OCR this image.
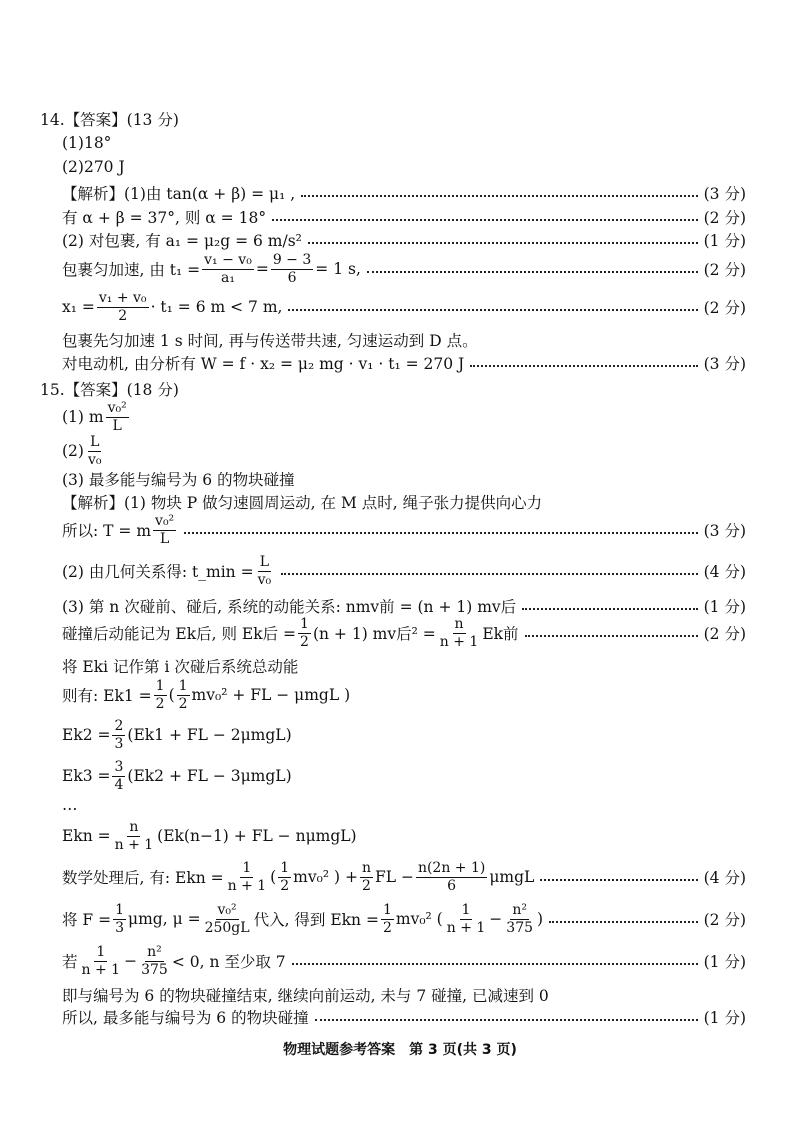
14.【答案】(13 分)
(1)18°
(2)270 J
【解析】(1)由 tan(α + β) = μ₁ ,	(3 分)
有 α + β = 37°, 则 α = 18°	(2 分)
(2) 对包裹, 有 a₁ = μ₂g = 6 m/s²	(1 分)
包裹匀加速, 由 $t_1 = \frac{\text{v₁ − v₀}}{\text{a₁}} = \frac{9 - 3}{6} = 1$ s,	(2 分)
$x_1 = \frac{\text{v₁ + v₀}}{2} \cdot t_1 = 6$ m < 7 m,	(2 分)
包裹先匀加速 1 s 时间, 再与传送带共速, 匀速运动到 D 点。
对电动机, 由分析有 W = f · x₂ = μ₂ mg · v₁ · t₁ = 270 J	(3 分)
15.【答案】(18 分)
(1) m $\frac{\text{v₀²}}{L}$
$(2) \frac{L}{\text{v₀}}$
(3) 最多能与编号为 6 的物块碰撞
【解析】(1) 物块 P 做匀速圆周运动, 在 M 点时, 绳子张力提供向心力
所以: T = m $\frac{\text{v₀²}}{L}$	(3 分)
(2) 由几何关系得: t_min = $\frac{L}{\text{v₀}}$	(4 分)
(3) 第 n 次碰前、碰后, 系统的动能关系: nmv前 = (n + 1) mv后	(1 分)
碰撞后动能记为 Ek后, 则 Ek后 = $\frac{1}{2} (n + 1)$ mv后$^2 = \frac{n}{n + 1}$ Ek前	(2 分)
将 Eki 记作第 i 次碰后系统总动能
则有: $Ek1 = \frac{1}{2}$ ( $\frac{1}{2} mv_0^2$ + FL − μmgL )
$Ek2 = \frac{2}{3} (Ek1$ + FL − 2μmgL)
$Ek3 = \frac{3}{4} (Ek2$ + FL − 3μmgL)
…
Ekn = $\frac{n}{n + 1} (Ek(n-1)$ + FL − nμmgL)
数学处理后, 有: Ekn = $\frac{1}{n + 1}$ ( $\frac{1}{2} mv_0^2$ ) + $\frac{n}{2}$ FL − $\frac{n(2n + 1)}{6}$ μmgL	(4 分)
将 $F = \frac{1}{3} \mu mg$, $\mu = \frac{\text{v₀²}}{250gL}$ 代入, 得到 Ekn = $\frac{1}{2} mv_0^2$ ( $\frac{1}{n + 1} - \frac{\text{n²}}{375}$ )	(2 分)
若 $\frac{1}{n + 1} - \frac{\text{n²}}{375} < 0$, n 至少取 7	(1 分)
即与编号为 6 的物块碰撞结束, 继续向前运动, 未与 7 碰撞, 已减速到 0
所以, 最多能与编号为 6 的物块碰撞	(1 分)
物理试题参考答案　第 3 页(共 3 页)
